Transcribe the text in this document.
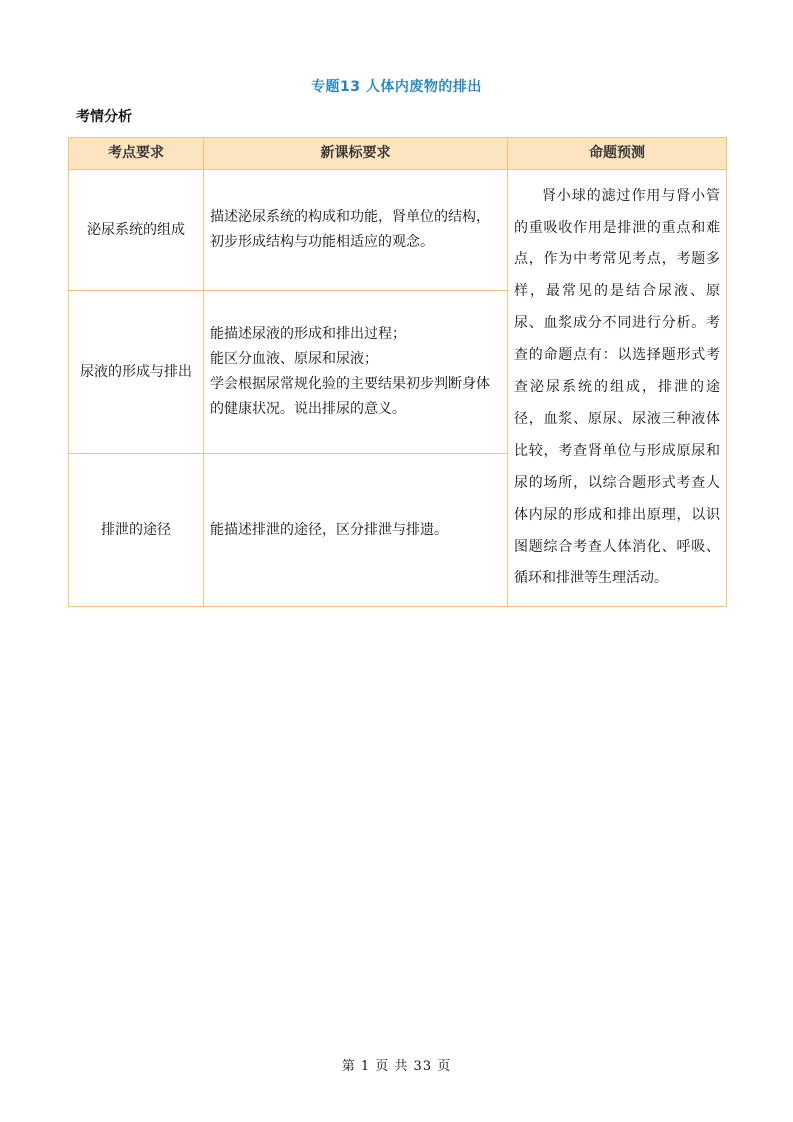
专题13 人体内废物的排出
考情分析
考点要求	新课标要求	命题预测
泌尿系统的组成	描述泌尿系统的构成和功能，肾单位的结构，初步形成结构与功能相适应的观念。	肾小球的滤过作用与肾小管的重吸收作用是排泄的重点和难点，作为中考常见考点，考题多样，最常见的是结合尿液、原尿、血浆成分不同进行分析。考查的命题点有：以选择题形式考查泌尿系统的组成，排泄的途径，血浆、原尿、尿液三种液体比较，考查肾单位与形成原尿和尿的场所，以综合题形式考查人体内尿的形成和排出原理，以识图题综合考查人体消化、呼吸、循环和排泄等生理活动。

尿液的形成与排出	能描述尿液的形成和排出过程；
能区分血液、原尿和尿液；
学会根据尿常规化验的主要结果初步判断身体的健康状况。说出排尿的意义。	

排泄的途径	能描述排泄的途径，区分排泄与排遗。	
第 1 页 共 33 页
